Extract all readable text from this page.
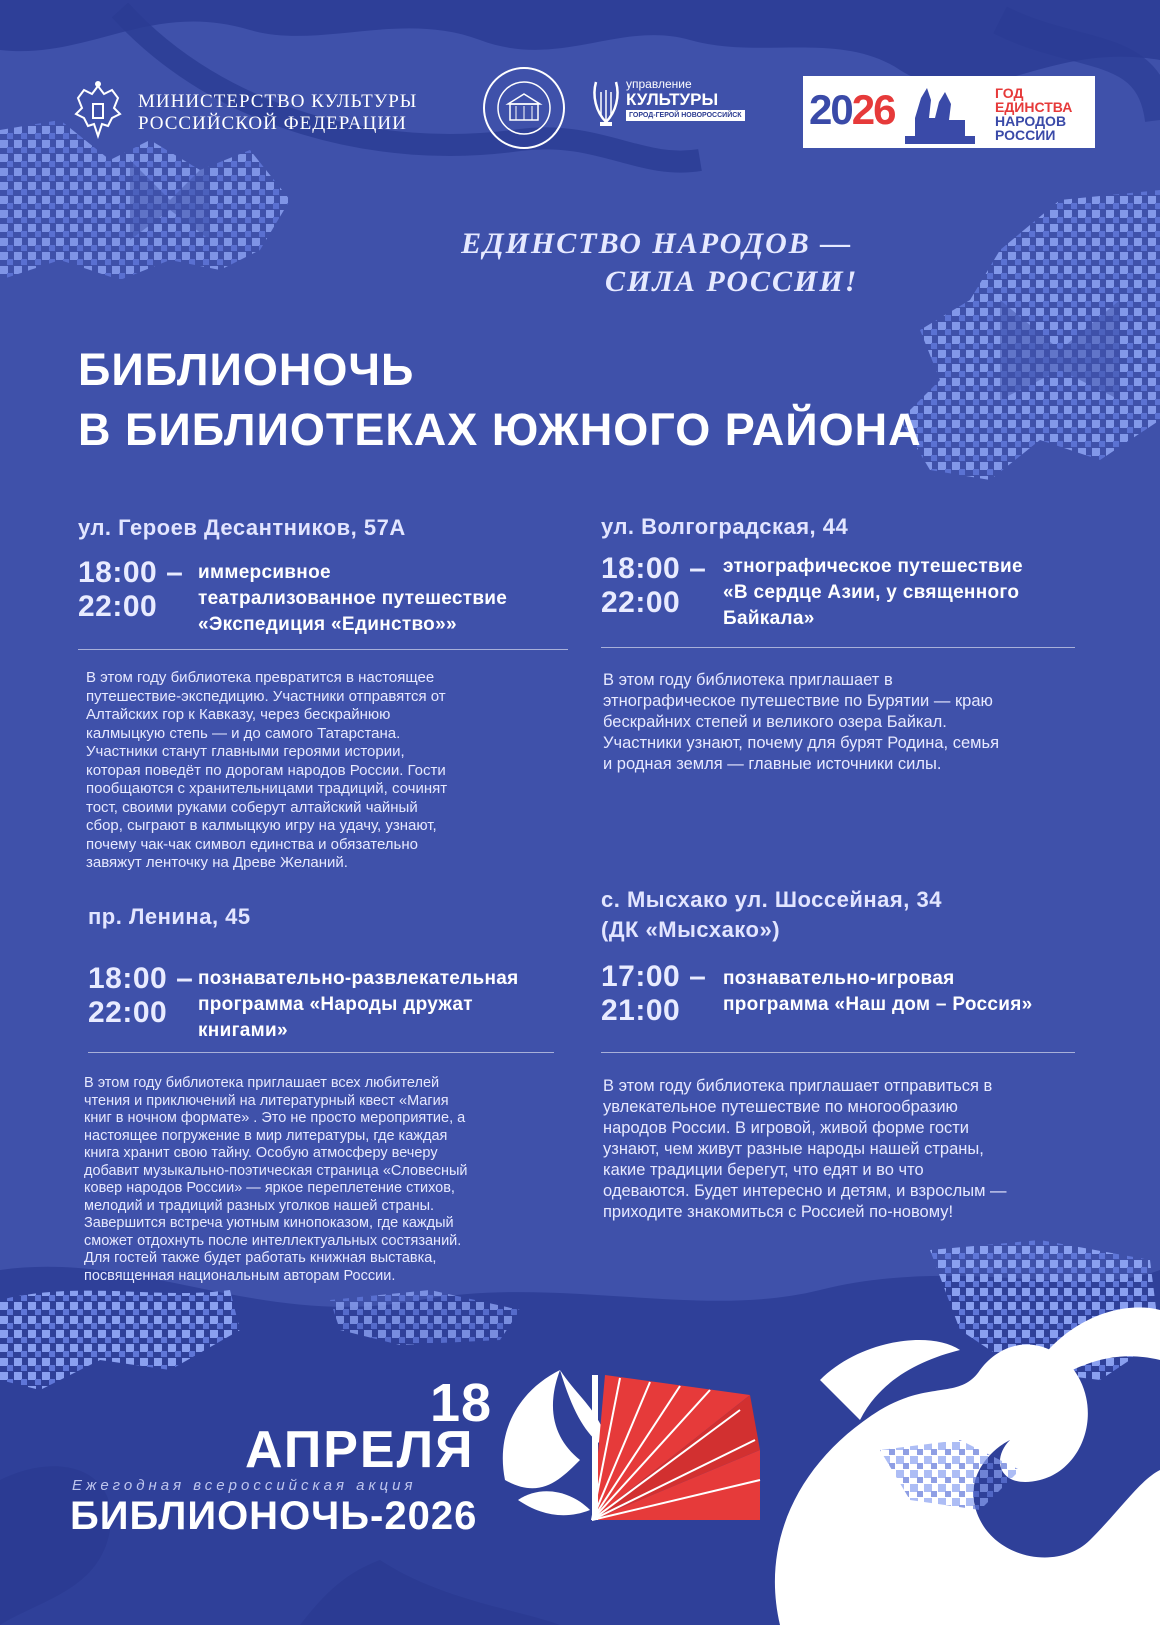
МИНИСТЕРСТВО КУЛЬТУРЫ
РОССИЙСКОЙ ФЕДЕРАЦИИ
управление
КУЛЬТУРЫ
ГОРОД-ГЕРОЙ НОВОРОССИЙСК 2026	ГОД
ЕДИНСТВА
НАРОДОВ
РОССИИ
ЕДИНСТВО НАРОДОВ —
СИЛА РОССИИ!
БИБЛИОНОЧЬ
В БИБЛИОТЕКАХ ЮЖНОГО РАЙОНА
ул. Героев Десантников, 57А
18:00 –
22:00
иммерсивное
театрализованное путешествие
«Экспедиция «Единство»»
В этом году библиотека превратится в настоящее
путешествие-экспедицию. Участники отправятся от
Алтайских гор к Кавказу, через бескрайнюю
калмыцкую степь — и до самого Татарстана.
Участники станут главными героями истории,
которая поведёт по дорогам народов России. Гости
пообщаются с хранительницами традиций, сочинят
тост, своими руками соберут алтайский чайный
сбор, сыграют в калмыцкую игру на удачу, узнают,
почему чак-чак символ единства и обязательно
завяжут ленточку на Древе Желаний.
ул. Волгоградская, 44
18:00 –
22:00
этнографическое путешествие
«В сердце Азии, у священного
Байкала»
В этом году библиотека приглашает в
этнографическое путешествие по Бурятии — краю
бескрайних степей и великого озера Байкал.
Участники узнают, почему для бурят Родина, семья
и родная земля — главные источники силы.
пр. Ленина, 45
18:00 –
22:00
познавательно-развлекательная
программа «Народы дружат
книгами»
В этом году библиотека приглашает всех любителей
чтения и приключений на литературный квест «Магия
книг в ночном формате» . Это не просто мероприятие, а
настоящее погружение в мир литературы, где каждая
книга хранит свою тайну. Особую атмосферу вечеру
добавит музыкально-поэтическая страница «Словесный
ковер народов России» — яркое переплетение стихов,
мелодий и традиций разных уголков нашей страны.
Завершится встреча уютным кинопоказом, где каждый
сможет отдохнуть после интеллектуальных состязаний.
Для гостей также будет работать книжная выставка,
посвященная национальным авторам России.
с. Мысхако ул. Шоссейная, 34
(ДК «Мысхако»)
17:00 –
21:00
познавательно-игровая
программа «Наш дом – Россия»
В этом году библиотека приглашает отправиться в
увлекательное путешествие по многообразию
народов России. В игровой, живой форме гости
узнают, чем живут разные народы нашей страны,
какие традиции берегут, что едят и во что
одеваются. Будет интересно и детям, и взрослым —
приходите знакомиться с Россией по-новому!
18
АПРЕЛЯ
Ежегодная всероссийская акция
БИБЛИОНОЧЬ-2026
